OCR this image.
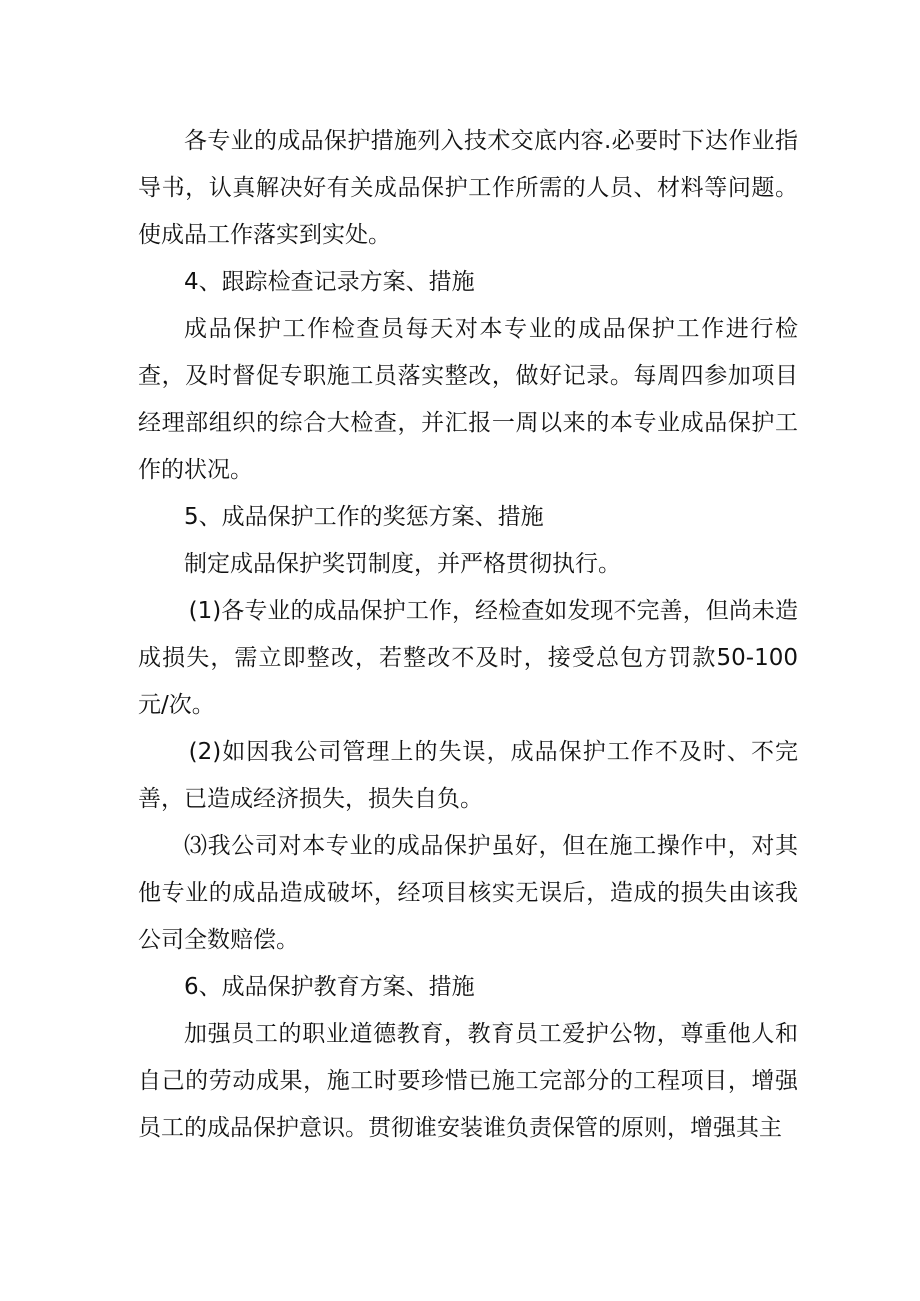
各专业的成品保护措施列入技术交底内容.必要时下达作业指导书，认真解决好有关成品保护工作所需的人员、材料等问题。使成品工作落实到实处。

4、跟踪检查记录方案、措施

成品保护工作检查员每天对本专业的成品保护工作进行检查，及时督促专职施工员落实整改，做好记录。每周四参加项目经理部组织的综合大检查，并汇报一周以来的本专业成品保护工作的状况。

5、成品保护工作的奖惩方案、措施

制定成品保护奖罚制度，并严格贯彻执行。

(1)各专业的成品保护工作，经检查如发现不完善，但尚未造成损失，需立即整改，若整改不及时，接受总包方罚款50-100元/次。

(2)如因我公司管理上的失误，成品保护工作不及时、不完善，已造成经济损失，损失自负。

⑶我公司对本专业的成品保护虽好，但在施工操作中，对其他专业的成品造成破坏，经项目核实无误后，造成的损失由该我公司全数赔偿。

6、成品保护教育方案、措施

加强员工的职业道德教育，教育员工爱护公物，尊重他人和自己的劳动成果，施工时要珍惜已施工完部分的工程项目，增强员工的成品保护意识。贯彻谁安装谁负责保管的原则，增强其主
